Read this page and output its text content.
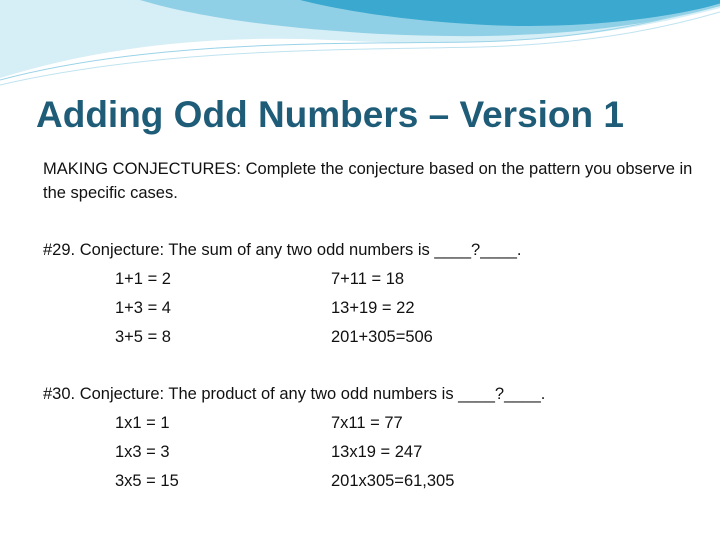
Adding Odd Numbers – Version 1
MAKING CONJECTURES: Complete the conjecture based on the pattern you observe in the specific cases.
#29. Conjecture: The sum of any two odd numbers is ____?____.
1+1 = 2	7+11 = 18
1+3 = 4	13+19 = 22
3+5 = 8	201+305=506
#30. Conjecture: The product of any two odd numbers is ____?____.
1x1 = 1	7x11 = 77
1x3 = 3	13x19 = 247
3x5 = 15	201x305=61,305
